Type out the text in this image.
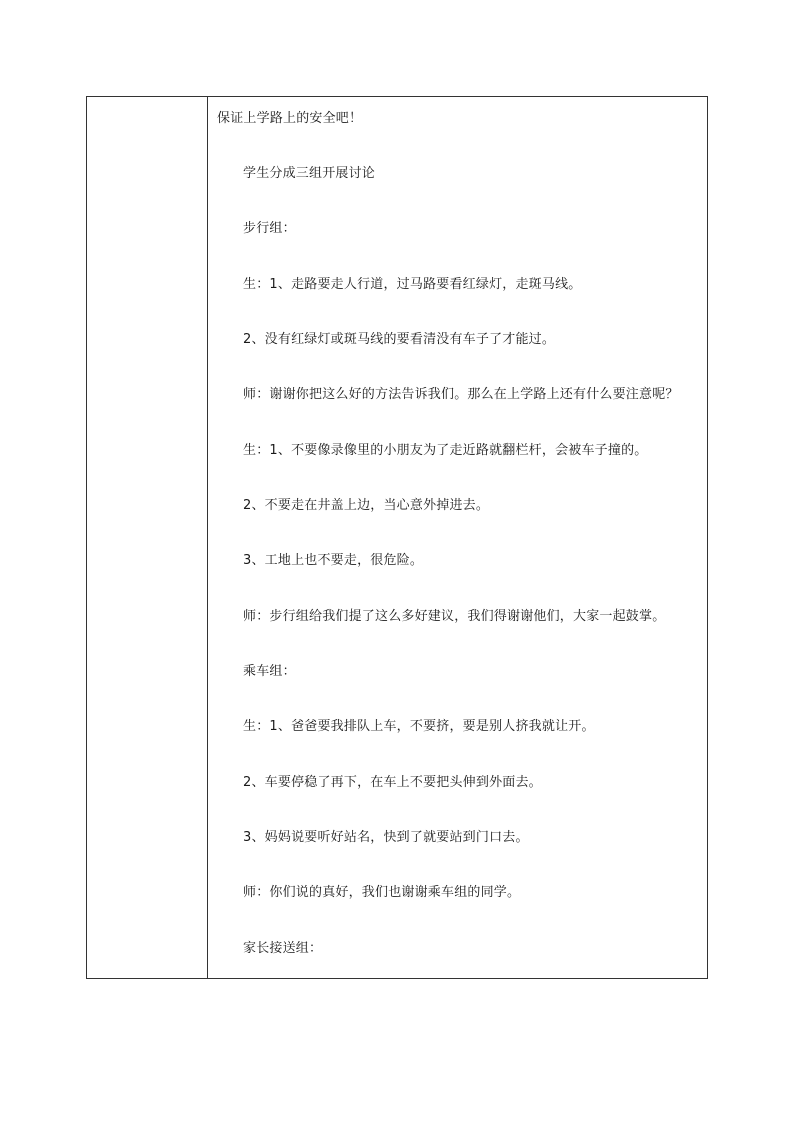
保证上学路上的安全吧！
学生分成三组开展讨论
步行组：
生：1、走路要走人行道，过马路要看红绿灯，走斑马线。
2、没有红绿灯或斑马线的要看清没有车子了才能过。
师：谢谢你把这么好的方法告诉我们。那么在上学路上还有什么要注意呢？
生：1、不要像录像里的小朋友为了走近路就翻栏杆，会被车子撞的。
2、不要走在井盖上边，当心意外掉进去。
3、工地上也不要走，很危险。
师：步行组给我们提了这么多好建议，我们得谢谢他们，大家一起鼓掌。
乘车组：
生：1、爸爸要我排队上车，不要挤，要是别人挤我就让开。
2、车要停稳了再下，在车上不要把头伸到外面去。
3、妈妈说要听好站名，快到了就要站到门口去。
师：你们说的真好，我们也谢谢乘车组的同学。
家长接送组：
